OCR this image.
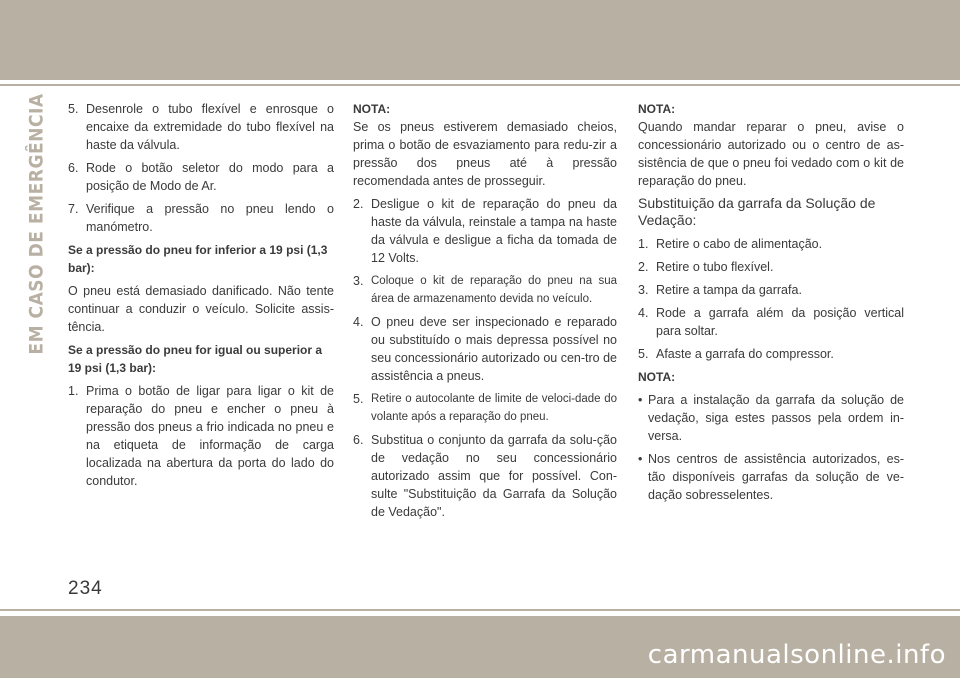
EM CASO DE EMERGÊNCIA 5. Desenrole o tubo flexível e enrosque o encaixe da extremidade do tubo flexível na haste da válvula.
6. Rode o botão seletor do modo para a posição de Modo de Ar.
7. Verifique a pressão no pneu lendo o manómetro.
Se a pressão do pneu for inferior a 19 psi (1,3 bar):
O pneu está demasiado danificado. Não tente continuar a conduzir o veículo. Solicite assis-tência.
Se a pressão do pneu for igual ou superior a 19 psi (1,3 bar):
1. Prima o botão de ligar para ligar o kit de reparação do pneu e encher o pneu à pressão dos pneus a frio indicada no pneu e na etiqueta de informação de carga localizada na abertura da porta do lado do condutor.
NOTA:
Se os pneus estiverem demasiado cheios, prima o botão de esvaziamento para redu-zir a pressão dos pneus até à pressão recomendada antes de prosseguir.
2. Desligue o kit de reparação do pneu da haste da válvula, reinstale a tampa na haste da válvula e desligue a ficha da tomada de 12 Volts.
3. Coloque o kit de reparação do pneu na sua área de armazenamento devida no veículo.
4. O pneu deve ser inspecionado e reparado ou substituído o mais depressa possível no seu concessionário autorizado ou cen-tro de assistência a pneus.
5. Retire o autocolante de limite de veloci-dade do volante após a reparação do pneu.
6. Substitua o conjunto da garrafa da solu-ção de vedação no seu concessionário autorizado assim que for possível. Con-sulte "Substituição da Garrafa da Solução de Vedação".
NOTA:
Quando mandar reparar o pneu, avise o concessionário autorizado ou o centro de as-sistência de que o pneu foi vedado com o kit de reparação do pneu.
Substituição da garrafa da Solução de Vedação:
1. Retire o cabo de alimentação.
2. Retire o tubo flexível.
3. Retire a tampa da garrafa.
4. Rode a garrafa além da posição vertical para soltar.
5. Afaste a garrafa do compressor.
NOTA:
• Para a instalação da garrafa da solução de vedação, siga estes passos pela ordem in-versa.
• Nos centros de assistência autorizados, es-tão disponíveis garrafas da solução de ve-dação sobresselentes.
234
carmanualsonline.info
